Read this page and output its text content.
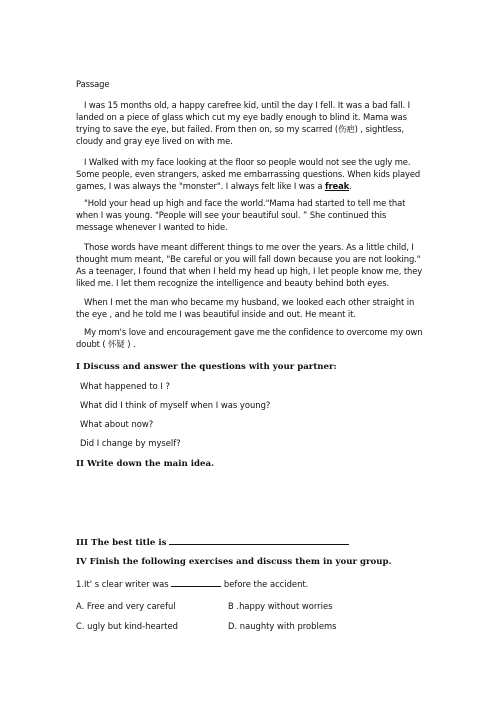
Passage

I was 15 months old, a happy carefree kid, until the day I fell. It was a bad fall. I landed on a piece of glass which cut my eye badly enough to blind it. Mama was trying to save the eye, but failed. From then on, so my scarred (伤疤) , sightless, cloudy and gray eye lived on with me.

I Walked with my face looking at the floor so people would not see the ugly me. Some people, even strangers, asked me embarrassing questions. When kids played games, I was always the "monster". I always felt like I was a freak.

"Hold your head up high and face the world."Mama had started to tell me that when I was young. "People will see your beautiful soul. ” She continued this message whenever I wanted to hide.

Those words have meant different things to me over the years. As a little child, I thought mum meant, "Be careful or you will fall down because you are not looking." As a teenager, I found that when I held my head up high, I let people know me, they liked me. I let them recognize the intelligence and beauty behind both eyes.

When I met the man who became my husband, we looked each other straight in the eye , and he told me I was beautiful inside and out. He meant it.

My mom's love and encouragement gave me the confidence to overcome my own doubt ( 怀疑 ) .

I Discuss and answer the questions with your partner:
What happened to I ?
What did I think of myself when I was young?
What about now?
Did I change by myself?
II Write down the main idea.
III The best title is
IV Finish the following exercises and discuss them in your group.
1.It' s clear writer was	before the accident.
A. Free and very careful	B .happy without worries
C. ugly but kind-hearted	D. naughty with problems
